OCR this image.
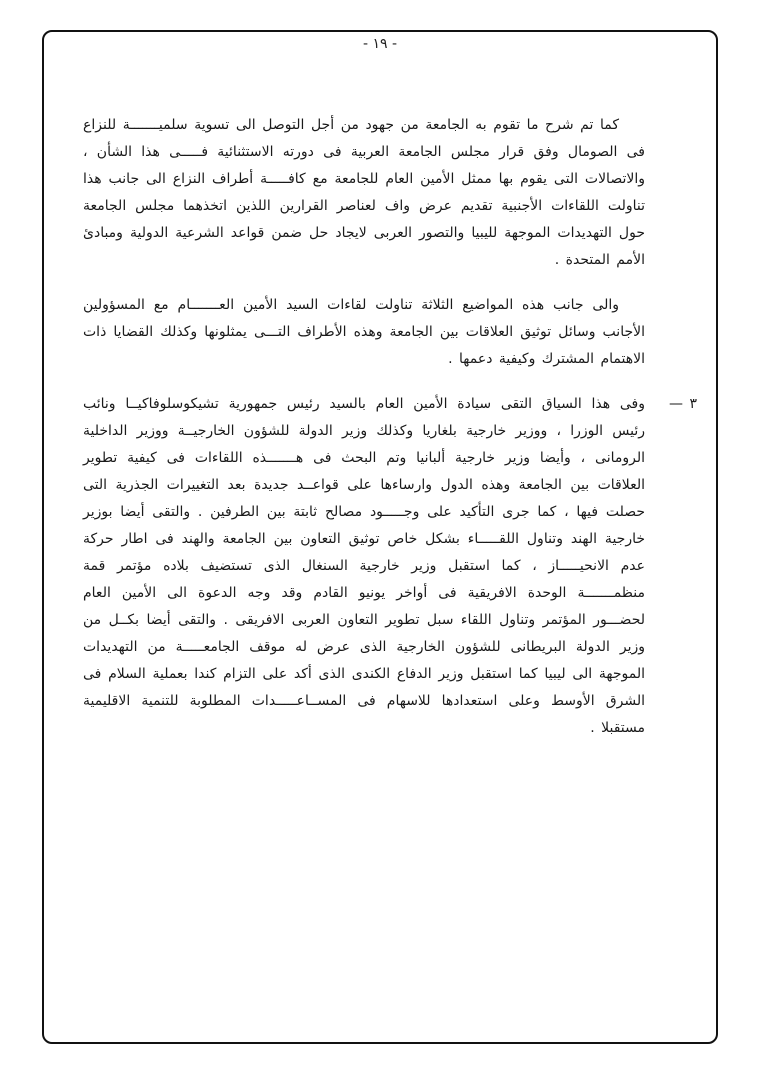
- ١٩ -

كما تم شرح ما تقوم به الجامعة من جهود من أجل التوصل الى تسوية سلميـــــــة للنزاع فى الصومال وفق قرار مجلس الجامعة العربية فى دورته الاستثنائية فـــــى هذا الشأن ، والاتصالات التى يقوم بها ممثل الأمين العام للجامعة مع كافـــــة أطراف النزاع الى جانب هذا تناولت اللقاءات الأجنبية تقديم عرض واف لعناصر القرارين اللذين اتخذهما مجلس الجامعة حول التهديدات الموجهة لليبيا والتصور العربى لايجاد حل ضمن قواعد الشرعية الدولية ومبادئ الأمم المتحدة .

والى جانب هذه المواضيع الثلاثة تناولت لقاءات السيد الأمين العـــــــام مع المسؤولين الأجانب وسائل توثيق العلاقات بين الجامعة وهذه الأطراف التـــى يمثلونها وكذلك القضايا ذات الاهتمام المشترك وكيفية دعمها .

٣ —

وفى هذا السياق التقى سيادة الأمين العام بالسيد رئيس جمهورية تشيكوسلوفاكيــا ونائب رئيس الوزرا ، ووزير خارجية بلغاريا وكذلك وزير الدولة للشؤون الخارجيــة ووزير الداخلية الرومانى ، وأيضا وزير خارجية ألبانيا وتم البحث فى هـــــــذه اللقاءات فى كيفية تطوير العلاقات بين الجامعة وهذه الدول وارساءها على قواعــد جديدة بعد التغييرات الجذرية التى حصلت فيها ، كما جرى التأكيد على وجـــــود مصالح ثابتة بين الطرفين . والتقى أيضا بوزير خارجية الهند وتناول اللقـــــاء بشكل خاص توثيق التعاون بين الجامعة والهند فى اطار حركة عدم الانحيـــــاز ، كما استقبل وزير خارجية السنغال الذى تستضيف بلاده مؤتمر قمة منظمـــــــة الوحدة الافريقية فى أواخر يونيو القادم وقد وجه الدعوة الى الأمين العام لحضـــور المؤتمر وتناول اللقاء سبل تطوير التعاون العربى الافريقى . والتقى أيضا بكــل من وزير الدولة البريطانى للشؤون الخارجية الذى عرض له موقف الجامعـــــة من التهديدات الموجهة الى ليبيا كما استقبل وزير الدفاع الكندى الذى أكد على التزام كندا بعملية السلام فى الشرق الأوسط وعلى استعدادها للاسهام فى المســاعـــــدات المطلوبة للتنمية الاقليمية مستقبلا .
